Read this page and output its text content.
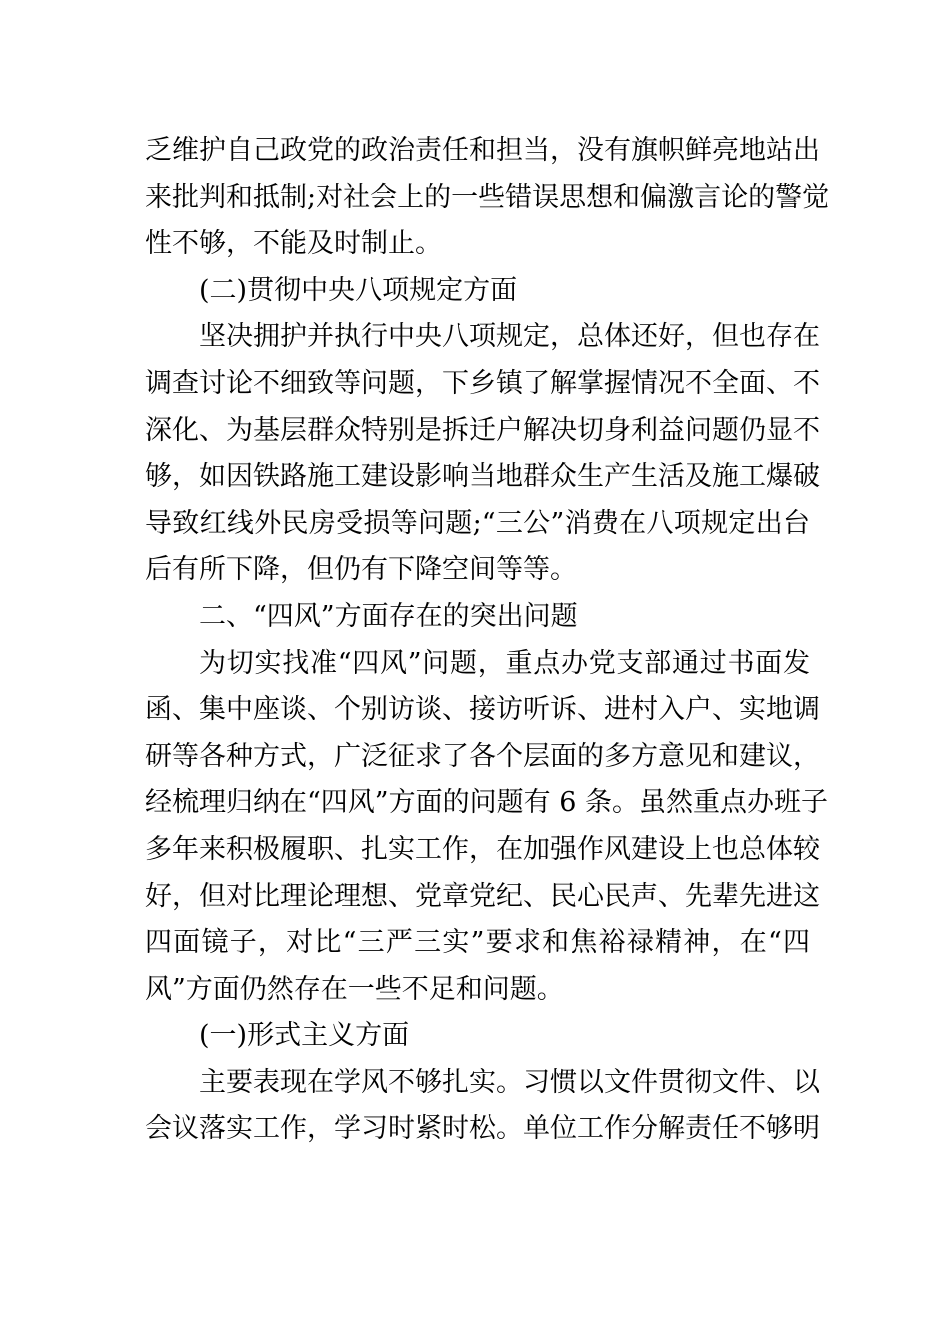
乏维护自己政党的政治责任和担当，没有旗帜鲜亮地站出
来批判和抵制;对社会上的一些错误思想和偏激言论的警觉
性不够，不能及时制止。
(二)贯彻中央八项规定方面
坚决拥护并执行中央八项规定，总体还好，但也存在
调查讨论不细致等问题，下乡镇了解掌握情况不全面、不
深化、为基层群众特别是拆迁户解决切身利益问题仍显不
够，如因铁路施工建设影响当地群众生产生活及施工爆破
导致红线外民房受损等问题;“三公”消费在八项规定出台
后有所下降，但仍有下降空间等等。
二、“四风”方面存在的突出问题
为切实找准“四风”问题，重点办党支部通过书面发
函、集中座谈、个别访谈、接访听诉、进村入户、实地调
研等各种方式，广泛征求了各个层面的多方意见和建议，
经梳理归纳在“四风”方面的问题有 6 条。虽然重点办班子
多年来积极履职、扎实工作，在加强作风建设上也总体较
好，但对比理论理想、党章党纪、民心民声、先辈先进这
四面镜子，对比“三严三实”要求和焦裕禄精神，在“四
风”方面仍然存在一些不足和问题。
(一)形式主义方面
主要表现在学风不够扎实。习惯以文件贯彻文件、以
会议落实工作，学习时紧时松。单位工作分解责任不够明
